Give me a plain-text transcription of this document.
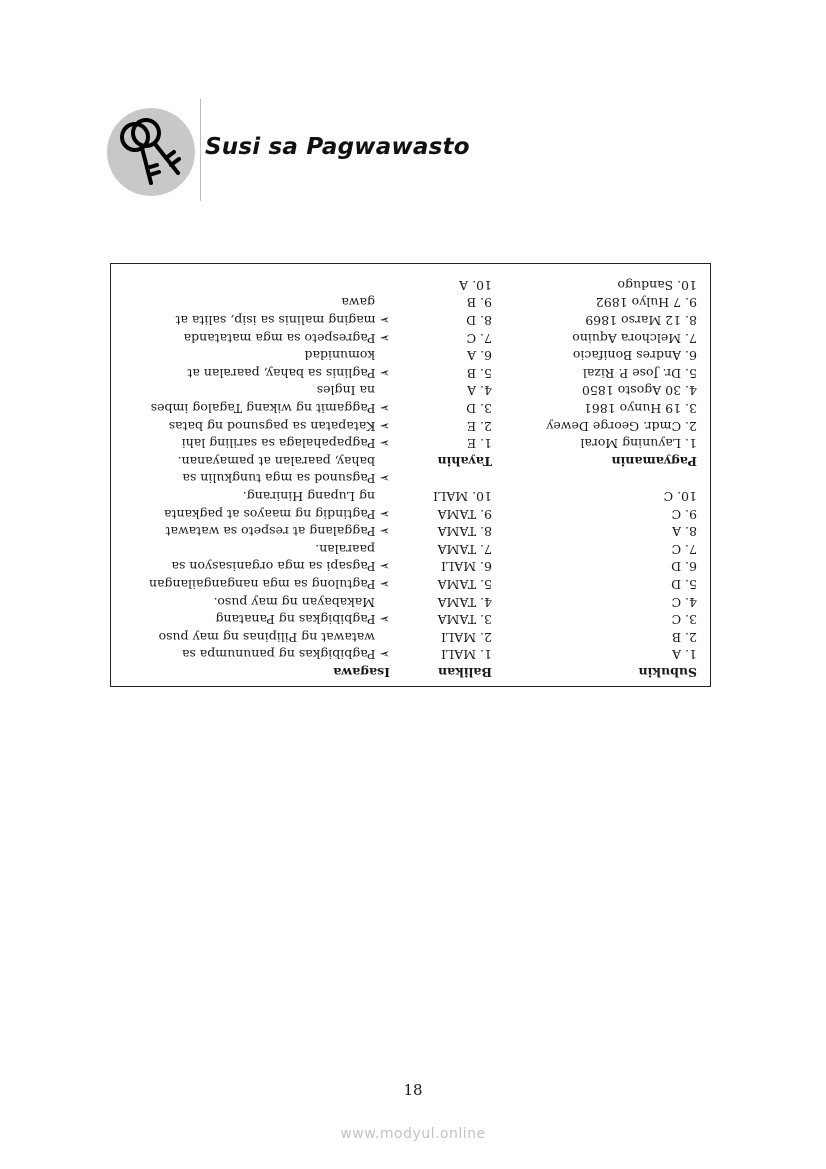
Susi sa Pagwawasto
Subukin
Balikan
Isagawa
1. A
1. MALI
➢ Pagbibigkas ng panunumpa sa
2. B
2. MALI
watawat ng Pilipinas ng may puso
3. C
3. TAMA
➢ Pagbibigkas ng Panatang
4. C
4. TAMA
Makabayan ng may puso.
5. D
5. TAMA
➢ Pagtulong sa mga nangangailangan
6. D
6. MALI
➢ Pagsapi sa mga organisasyon sa
7. C
7. TAMA
paaralan.
8. A
8. TAMA
➢ Paggalang at respeto sa watawat
9. C
9. TAMA
➢ Pagtindig ng maayos at pagkanta
10. C
10. MALI
ng Lupang Hinirang.
➢ Pagsunod sa mga tungkulin sa
Pagyamanin
Tayahin
bahay, paaralan at pamayanan.
1. Layuning Moral
1. E
➢ Pagpapahalaga sa sariling lahi
2. Cmdr. George Dewey
2. E
➢ Katapatan sa pagsunod ng batas
3. 19 Hunyo 1861
3. D
➢ Paggamit ng wikang Tagalog imbes
4. 30 Agosto 1850
4. A
na Ingles
5. Dr. Jose P. Rizal
5. B
➢ Paglinis sa bahay, paaralan at
6. Andres Bonifacio
6. A
komunidad
7. Melchora Aquino
7. C
➢ Pagrespeto sa mga matatanda
8. 12 Marso 1869
8. D
➢ maging malinis sa isip, salita at
9. 7 Hulyo 1892
9. B
gawa
10. Sandugo
10. A
18
www.modyul.online
